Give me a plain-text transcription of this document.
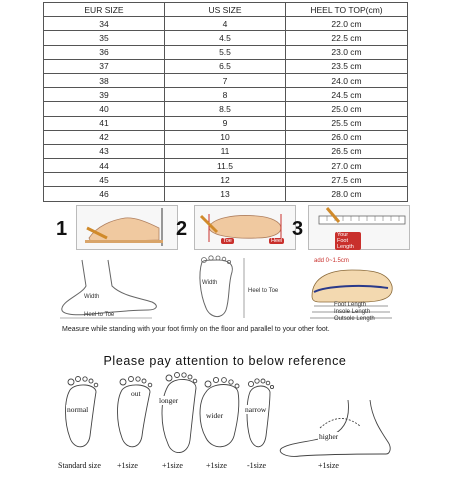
EUR SIZE	US SIZE	HEEL TO TOP(cm)
34	4	22.0 cm
35	4.5	22.5 cm
36	5.5	23.0 cm
37	6.5	23.5 cm
38	7	24.0 cm
39	8	24.5 cm
40	8.5	25.0 cm
41	9	25.5 cm
42	10	26.0 cm
43	11	26.5 cm
44	11.5	27.0 cm
45	12	27.5 cm
46	13	28.0 cm
1	2
Toe	Heel
3	Your Foot Length
Width
Heel to Toe
Width
Heel to Toe
add 0~1.5cm
Foot Length
Insole Length
Outsole Length
Measure while standing with your foot firmly on the floor and parallel to your other foot.
Please pay attention to below reference
normal
out
longer
wider
narrow
higher
Standard size +1size	+1size	+1size	-1size	+1size
